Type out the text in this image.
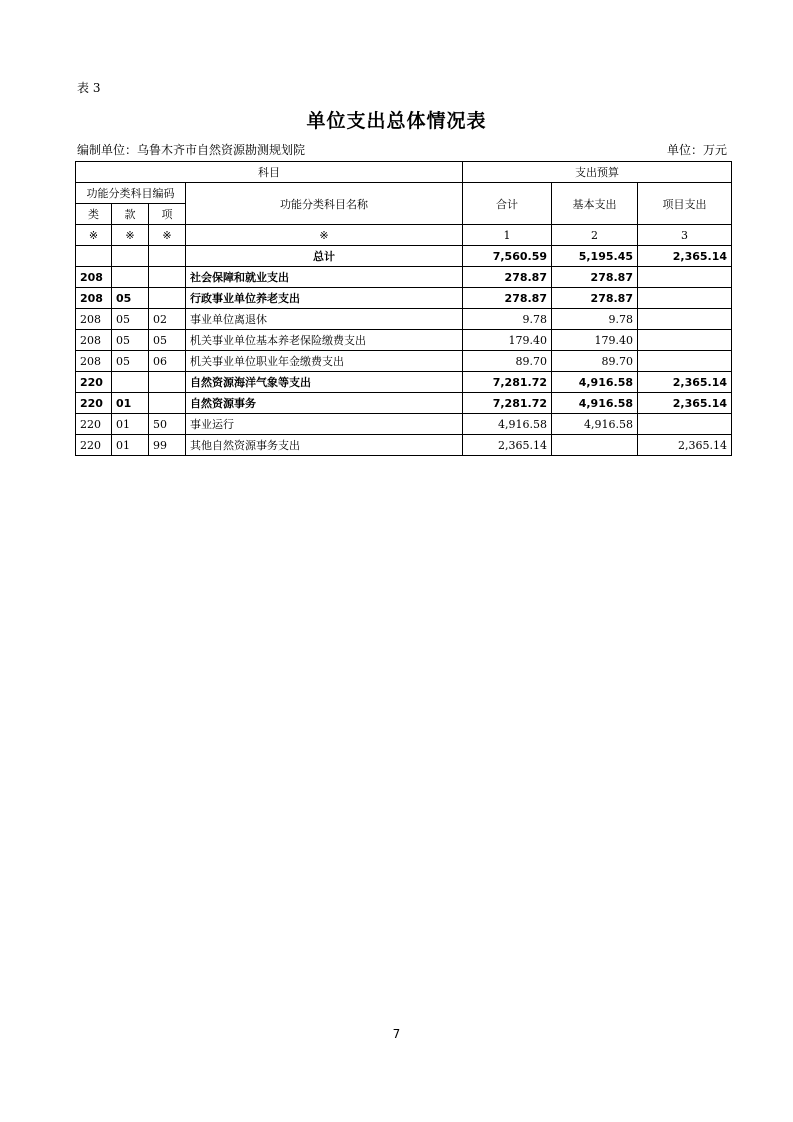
表 3
单位支出总体情况表
编制单位：乌鲁木齐市自然资源勘测规划院	单位：万元
科目				支出预算		
功能分类科目编码			功能分类科目名称	合计	基本支出	项目支出
类	款	项				
※	※	※	※	1	2	3
			总计	7,560.59	5,195.45	2,365.14
208			社会保障和就业支出	278.87	278.87	
208	05		行政事业单位养老支出	278.87	278.87	
208	05	02	事业单位离退休	9.78	9.78	
208	05	05	机关事业单位基本养老保险缴费支出	179.40	179.40	
208	05	06	机关事业单位职业年金缴费支出	89.70	89.70	
220			自然资源海洋气象等支出	7,281.72	4,916.58	2,365.14
220	01		自然资源事务	7,281.72	4,916.58	2,365.14
220	01	50	事业运行	4,916.58	4,916.58	
220	01	99	其他自然资源事务支出	2,365.14		2,365.14
7
